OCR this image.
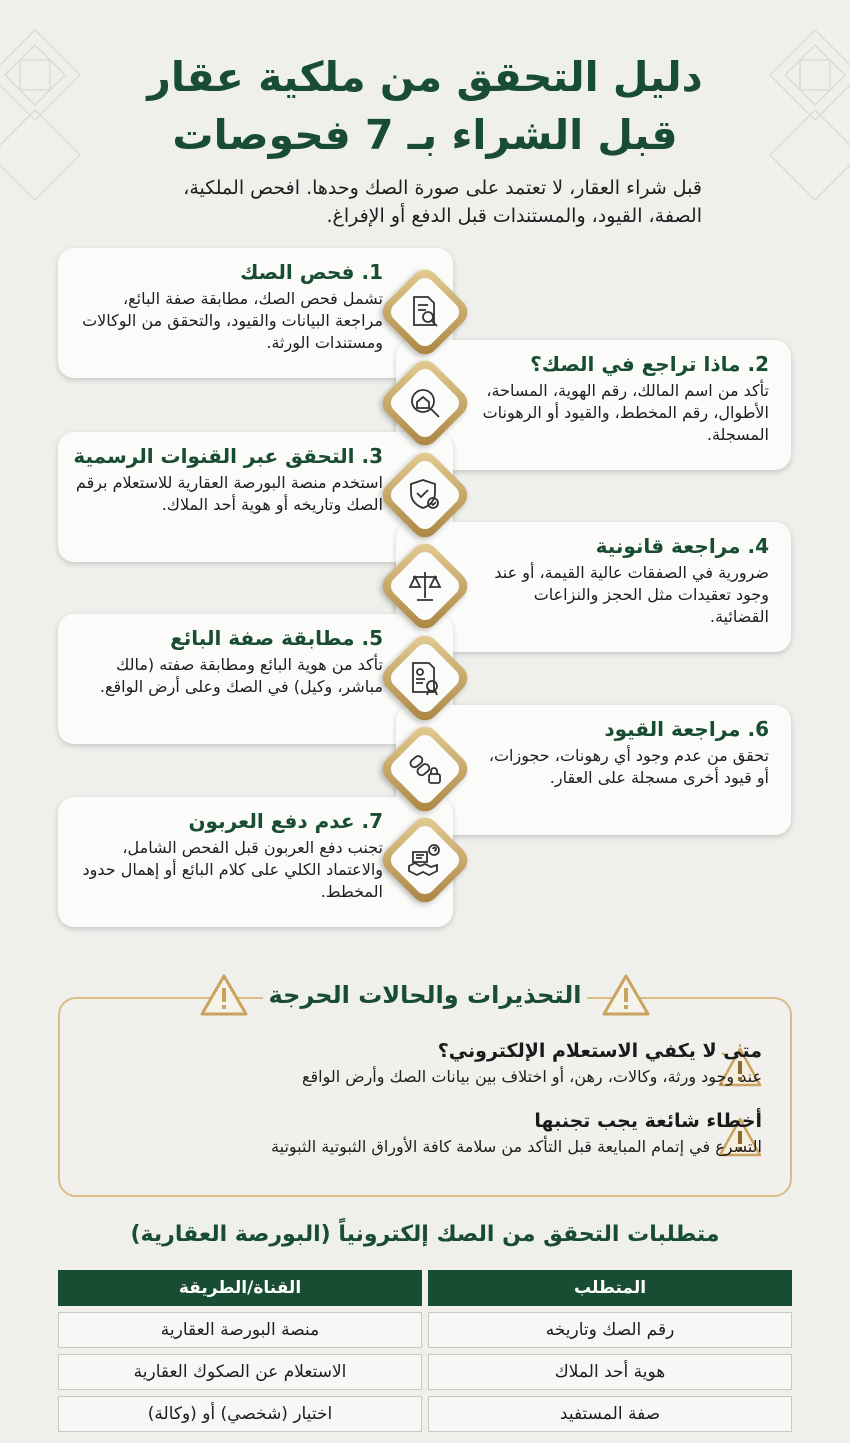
دليل التحقق من ملكية عقار
قبل الشراء بـ 7 فحوصات
قبل شراء العقار، لا تعتمد على صورة الصك وحدها. افحص الملكية، الصفة، القيود، والمستندات قبل الدفع أو الإفراغ.
1. فحص الصك
تشمل فحص الصك، مطابقة صفة البائع، مراجعة البيانات والقيود، والتحقق من الوكالات ومستندات الورثة.
2. ماذا تراجع في الصك؟
تأكد من اسم المالك، رقم الهوية، المساحة، الأطوال، رقم المخطط، والقيود أو الرهونات المسجلة.
3. التحقق عبر القنوات الرسمية
استخدم منصة البورصة العقارية للاستعلام برقم الصك وتاريخه أو هوية أحد الملاك.
4. مراجعة قانونية
ضرورية في الصفقات عالية القيمة، أو عند وجود تعقيدات مثل الحجز والنزاعات القضائية.
5. مطابقة صفة البائع
تأكد من هوية البائع ومطابقة صفته (مالك مباشر، وكيل) في الصك وعلى أرض الواقع.
6. مراجعة القيود
تحقق من عدم وجود أي رهونات، حجوزات، أو قيود أخرى مسجلة على العقار.
7. عدم دفع العربون
تجنب دفع العربون قبل الفحص الشامل، والاعتماد الكلي على كلام البائع أو إهمال حدود المخطط.
التحذيرات والحالات الحرجة
متى لا يكفي الاستعلام الإلكتروني؟
عند وجود ورثة، وكالات، رهن، أو اختلاف بين بيانات الصك وأرض الواقع
أخطاء شائعة يجب تجنبها
التسرع في إتمام المبايعة قبل التأكد من سلامة كافة الأوراق الثبوتية الثبوتية
متطلبات التحقق من الصك إلكترونياً (البورصة العقارية)
المتطلب
القناة/الطريقة
رقم الصك وتاريخه
منصة البورصة العقارية
هوية أحد الملاك
الاستعلام عن الصكوك العقارية
صفة المستفيد
اختيار (شخصي) أو (وكالة)
